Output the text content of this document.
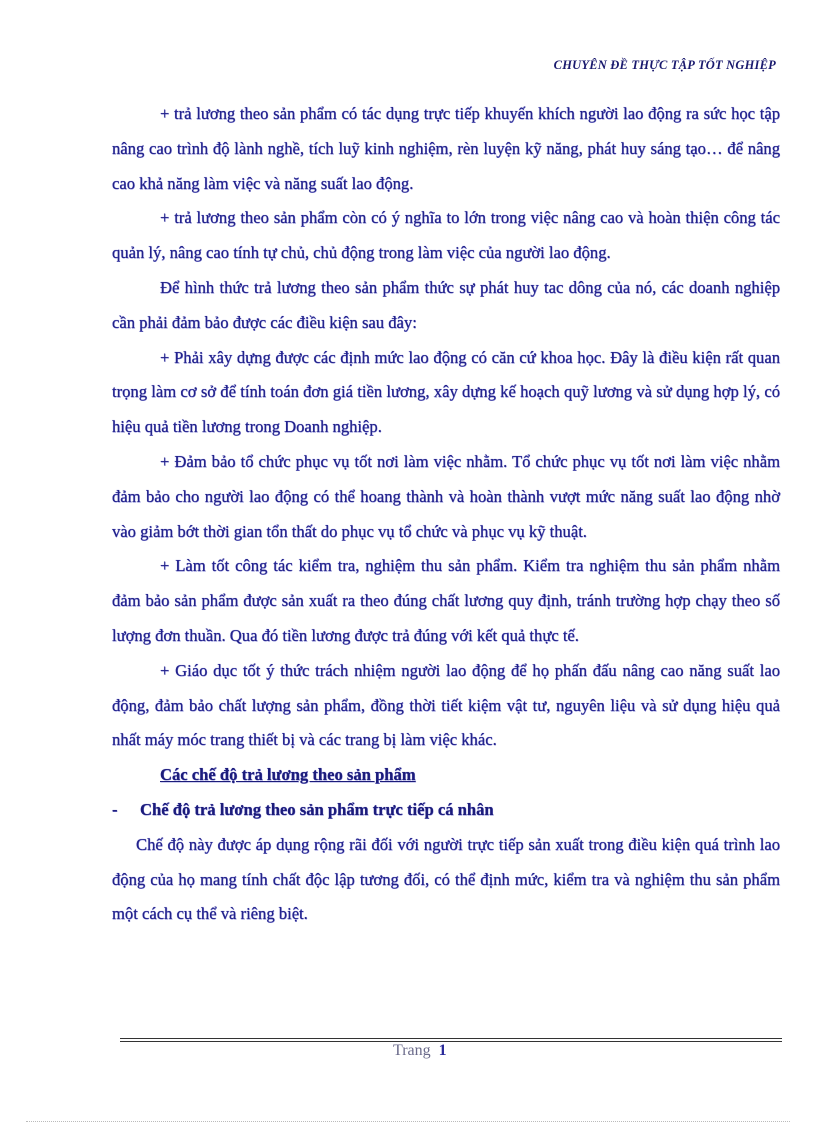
CHUYÊN ĐỀ THỰC TẬP TỐT NGHIỆP

+ trả lương theo sản phẩm có tác dụng trực tiếp khuyến khích người lao động ra sức học tập nâng cao trình độ lành nghề, tích luỹ kinh nghiệm, rèn luyện kỹ năng, phát huy sáng tạo… để nâng cao khả năng làm việc và năng suất lao động.

+ trả lương theo sản phẩm còn có ý nghĩa to lớn trong việc nâng cao và hoàn thiện công tác quản lý, nâng cao tính tự chủ, chủ động trong làm việc của người lao động.

Để hình thức trả lương theo sản phẩm thức sự phát huy tac dông của nó, các doanh nghiệp cần phải đảm bảo được các điều kiện sau đây:

+ Phải xây dựng được các định mức lao động có căn cứ khoa học. Đây là điều kiện rất quan trọng làm cơ sở để tính toán đơn giá tiền lương, xây dựng kế hoạch quỹ lương và sử dụng hợp lý, có hiệu quả tiền lương trong Doanh nghiệp.

+ Đảm bảo tổ chức phục vụ tốt nơi làm việc nhằm. Tổ chức phục vụ tốt nơi làm việc nhằm đảm bảo cho người lao động có thể hoang thành và hoàn thành vượt mức năng suất lao động nhờ vào giảm bớt thời gian tổn thất do phục vụ tổ chức và phục vụ kỹ thuật.

+ Làm tốt công tác kiểm tra, nghiệm thu sản phẩm. Kiểm tra nghiệm thu sản phẩm nhằm đảm bảo sản phẩm được sản xuất ra theo đúng chất lương quy định, tránh trường hợp chạy theo số lượng đơn thuần. Qua đó tiền lương được trả đúng với kết quả thực tế.

+ Giáo dục tốt ý thức trách nhiệm người lao động để họ phấn đấu nâng cao năng suất lao động, đảm bảo chất lượng sản phẩm, đồng thời tiết kiệm vật tư, nguyên liệu và sử dụng hiệu quả nhất máy móc trang thiết bị và các trang bị làm việc khác.

Các chế độ trả lương theo sản phẩm

-	Chế độ trả lương theo sản phẩm trực tiếp cá nhân

Chế độ này được áp dụng rộng rãi đối với người trực tiếp sản xuất trong điều kiện quá trình lao động của họ mang tính chất độc lập tương đối, có thể định mức, kiểm tra và nghiệm thu sản phẩm một cách cụ thể và riêng biệt.

Trang 1
